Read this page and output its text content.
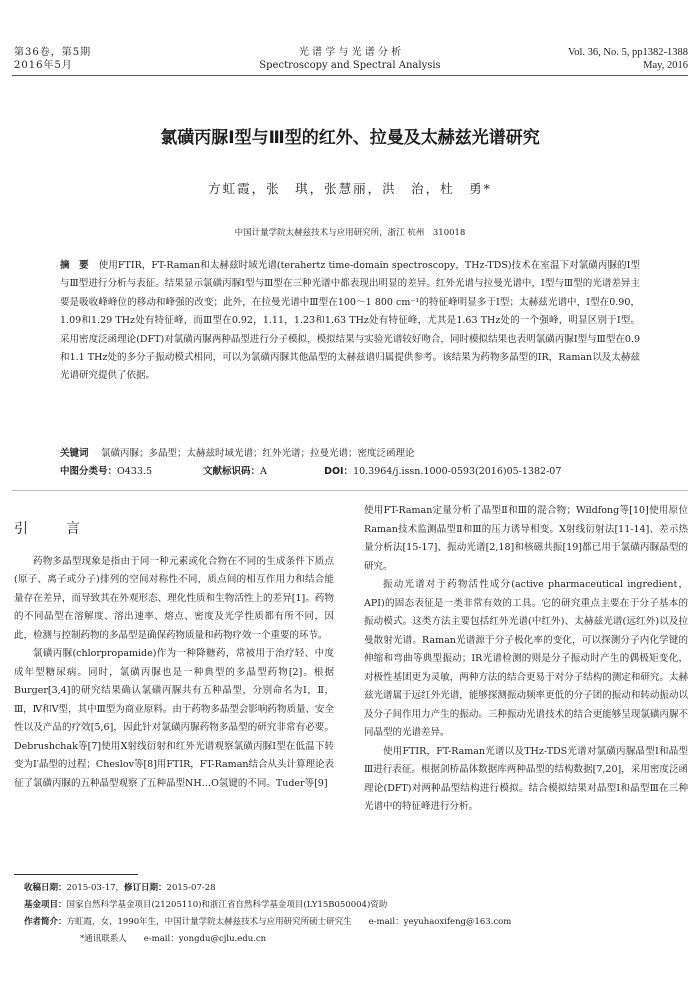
第36卷，第5期
2016年5月
光 谱 学 与 光 谱 分 析
Spectroscopy and Spectral Analysis
Vol. 36, No. 5, pp1382-1388
May, 2016
氯磺丙脲Ⅰ型与Ⅲ型的红外、拉曼及太赫兹光谱研究
方虹霞，张　琪，张慧丽，洪　治，杜　勇*
中国计量学院太赫兹技术与应用研究所，浙江 杭州　310018
摘　要 使用FTIR，FT-Raman和太赫兹时域光谱(terahertz time-domain spectroscopy，THz-TDS)技术在室温下对氯磺丙脲的Ⅰ型与Ⅲ型进行分析与表征。结果显示氯磺丙脲Ⅰ型与Ⅲ型在三种光谱中都表现出明显的差异。红外光谱与拉曼光谱中，Ⅰ型与Ⅲ型的光谱差异主要是吸收峰峰位的移动和峰强的改变；此外，在拉曼光谱中Ⅲ型在100～1 800 cm⁻¹的特征峰明显多于Ⅰ型；太赫兹光谱中，Ⅰ型在0.90，1.09和1.29 THz处有特征峰，而Ⅲ型在0.92，1.11，1.23和1.63 THz处有特征峰，尤其是1.63 THz处的一个强峰，明显区别于Ⅰ型。采用密度泛函理论(DFT)对氯磺丙脲两种晶型进行分子模拟，模拟结果与实验光谱较好吻合，同时模拟结果也表明氯磺丙脲Ⅰ型与Ⅲ型在0.9和1.1 THz处的多分子振动模式相同，可以为氯磺丙脲其他晶型的太赫兹谱归属提供参考。该结果为药物多晶型的IR，Raman以及太赫兹光谱研究提供了依据。
关键词　 氯磺丙脲；多晶型；太赫兹时域光谱；红外光谱；拉曼光谱；密度泛函理论
中图分类号：O433.5	文献标识码：A	DOI：10.3964/j.issn.1000-0593(2016)05-1382-07
引　言

药物多晶型现象是指由于同一种元素或化合物在不同的生成条件下质点(原子、离子或分子)排列的空间对称性不同，质点间的相互作用力和结合能量存在差异，而导致其在外观形态、理化性质和生物活性上的差异[1]。药物的不同晶型在溶解度、溶出速率、熔点、密度及光学性质都有所不同，因此，检测与控制药物的多晶型是确保药物质量和药物疗效一个重要的环节。

氯磺丙脲(chlorpropamide)作为一种降糖药，常被用于治疗轻、中度成年型糖尿病。同时，氯磺丙脲也是一种典型的多晶型药物[2]。根据Burger[3,4]的研究结果确认氯磺丙脲共有五种晶型，分别命名为Ⅰ，Ⅱ，Ⅲ，Ⅳ和Ⅴ型，其中Ⅲ型为商业原料。由于药物多晶型会影响药物质量、安全性以及产品的疗效[5,6]，因此针对氯磺丙脲药物多晶型的研究非常有必要。Debrushchak等[7]使用X射线衍射和红外光谱观察氯磺丙脲Ⅰ型在低温下转变为Ⅰ′晶型的过程；Cheslov等[8]用FTIR，FT-Raman结合从头计算理论表征了氯磺丙脲的五种晶型观察了五种晶型NH…O氢键的不同。Tuder等[9]

使用FT-Raman定量分析了晶型Ⅱ和Ⅲ的混合物；Wildfong等[10]使用原位Raman技术监测晶型Ⅱ和Ⅲ的压力诱导相变。X射线衍射法[11-14]、差示热量分析法[15-17]、振动光谱[2,18]和核磁共振[19]都已用于氯磺丙脲晶型的研究。

振动光谱对于药物活性成分(active pharmaceutical ingredient，API)的固态表征是一类非常有效的工具。它的研究重点主要在于分子基本的振动模式。这类方法主要包括红外光谱(中红外)、太赫兹光谱(远红外)以及拉曼散射光谱。Raman光谱源于分子极化率的变化，可以探测分子内化学键的伸缩和弯曲等典型振动；IR光谱检测的则是分子振动时产生的偶极矩变化，对极性基团更为灵敏，两种方法的结合更易于对分子结构的测定和研究。太赫兹光谱属于远红外光谱，能够探测振动频率更低的分子团的振动和转动振动以及分子间作用力产生的振动。三种振动光谱技术的结合更能够呈现氯磺丙脲不同晶型的光谱差异。

使用FTIR，FT-Raman光谱以及THz-TDS光谱对氯磺丙脲晶型Ⅰ和晶型Ⅲ进行表征。根据剑桥晶体数据库两种晶型的结构数据[7,20]，采用密度泛函理论(DFT)对两种晶型结构进行模拟。结合模拟结果对晶型Ⅰ和晶型Ⅲ在三种光谱中的特征峰进行分析。

收稿日期：2015-03-17，修订日期：2015-07-28
基金项目：国家自然科学基金项目(21205110)和浙江省自然科学基金项目(LY15B050004)资助
作者简介：方虹霞，女，1990年生，中国计量学院太赫兹技术与应用研究所硕士研究生　　e-mail：yeyuhaoxifeng@163.com
*通讯联系人　　e-mail：yongdu@cjlu.edu.cn
